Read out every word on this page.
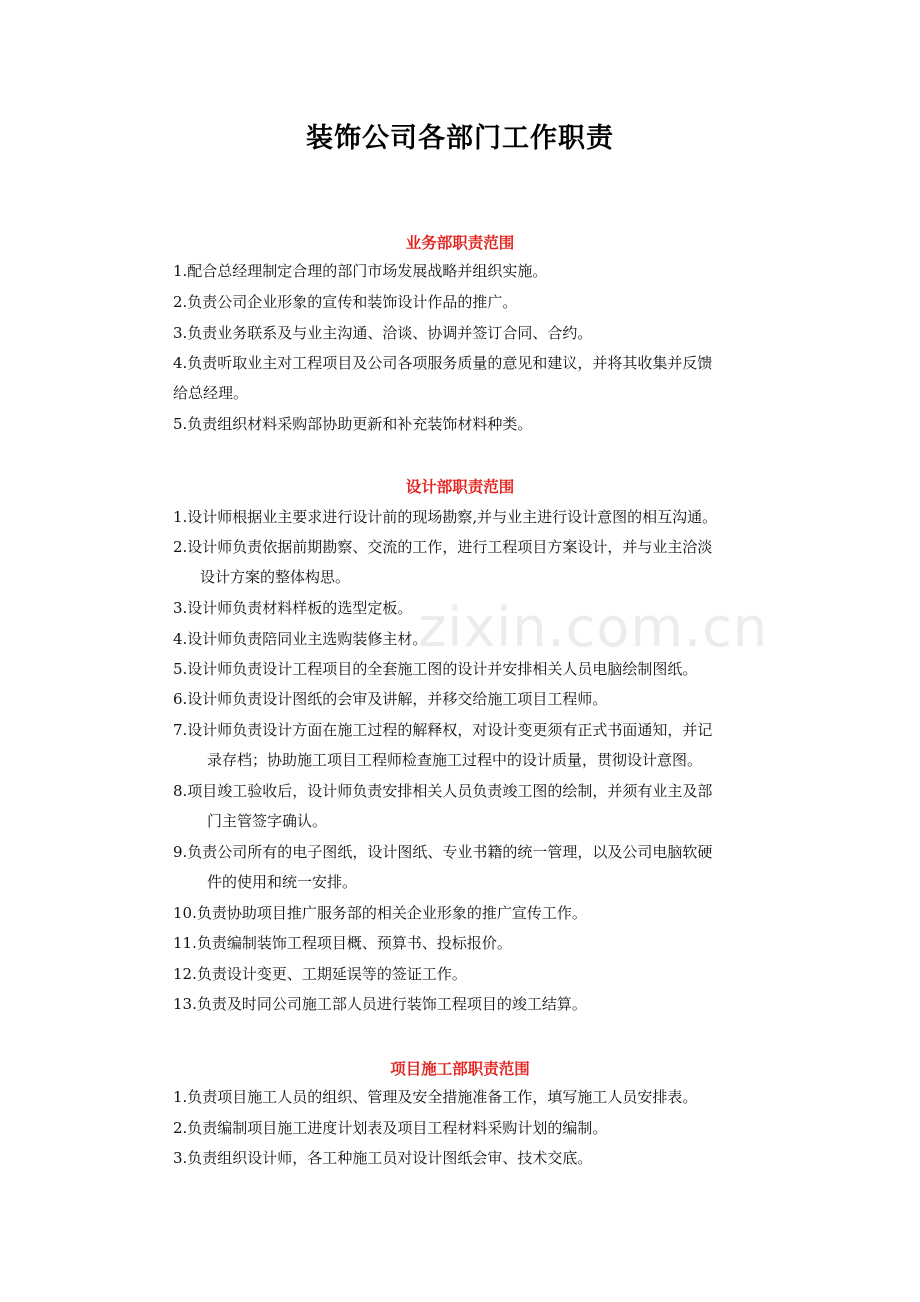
zixin.com.cn
装饰公司各部门工作职责
业务部职责范围
1.配合总经理制定合理的部门市场发展战略并组织实施。
2.负责公司企业形象的宣传和装饰设计作品的推广。
3.负责业务联系及与业主沟通、洽谈、协调并签订合同、合约。
4.负责听取业主对工程项目及公司各项服务质量的意见和建议，并将其收集并反馈
给总经理。
5.负责组织材料采购部协助更新和补充装饰材料种类。
设计部职责范围
1.设计师根据业主要求进行设计前的现场勘察,并与业主进行设计意图的相互沟通。
2.设计师负责依据前期勘察、交流的工作，进行工程项目方案设计，并与业主洽淡
设计方案的整体构思。
3.设计师负责材料样板的选型定板。
4.设计师负责陪同业主选购装修主材。
5.设计师负责设计工程项目的全套施工图的设计并安排相关人员电脑绘制图纸。
6.设计师负责设计图纸的会审及讲解，并移交给施工项目工程师。
7.设计师负责设计方面在施工过程的解释权，对设计变更须有正式书面通知，并记
录存档；协助施工项目工程师检查施工过程中的设计质量，贯彻设计意图。
8.项目竣工验收后，设计师负责安排相关人员负责竣工图的绘制，并须有业主及部
门主管签字确认。
9.负责公司所有的电子图纸，设计图纸、专业书籍的统一管理，以及公司电脑软硬
件的使用和统一安排。
10.负责协助项目推广服务部的相关企业形象的推广宣传工作。
11.负责编制装饰工程项目概、预算书、投标报价。
12.负责设计变更、工期延误等的签证工作。
13.负责及时同公司施工部人员进行装饰工程项目的竣工结算。
项目施工部职责范围
1.负责项目施工人员的组织、管理及安全措施准备工作，填写施工人员安排表。
2.负责编制项目施工进度计划表及项目工程材料采购计划的编制。
3.负责组织设计师，各工种施工员对设计图纸会审、技术交底。
